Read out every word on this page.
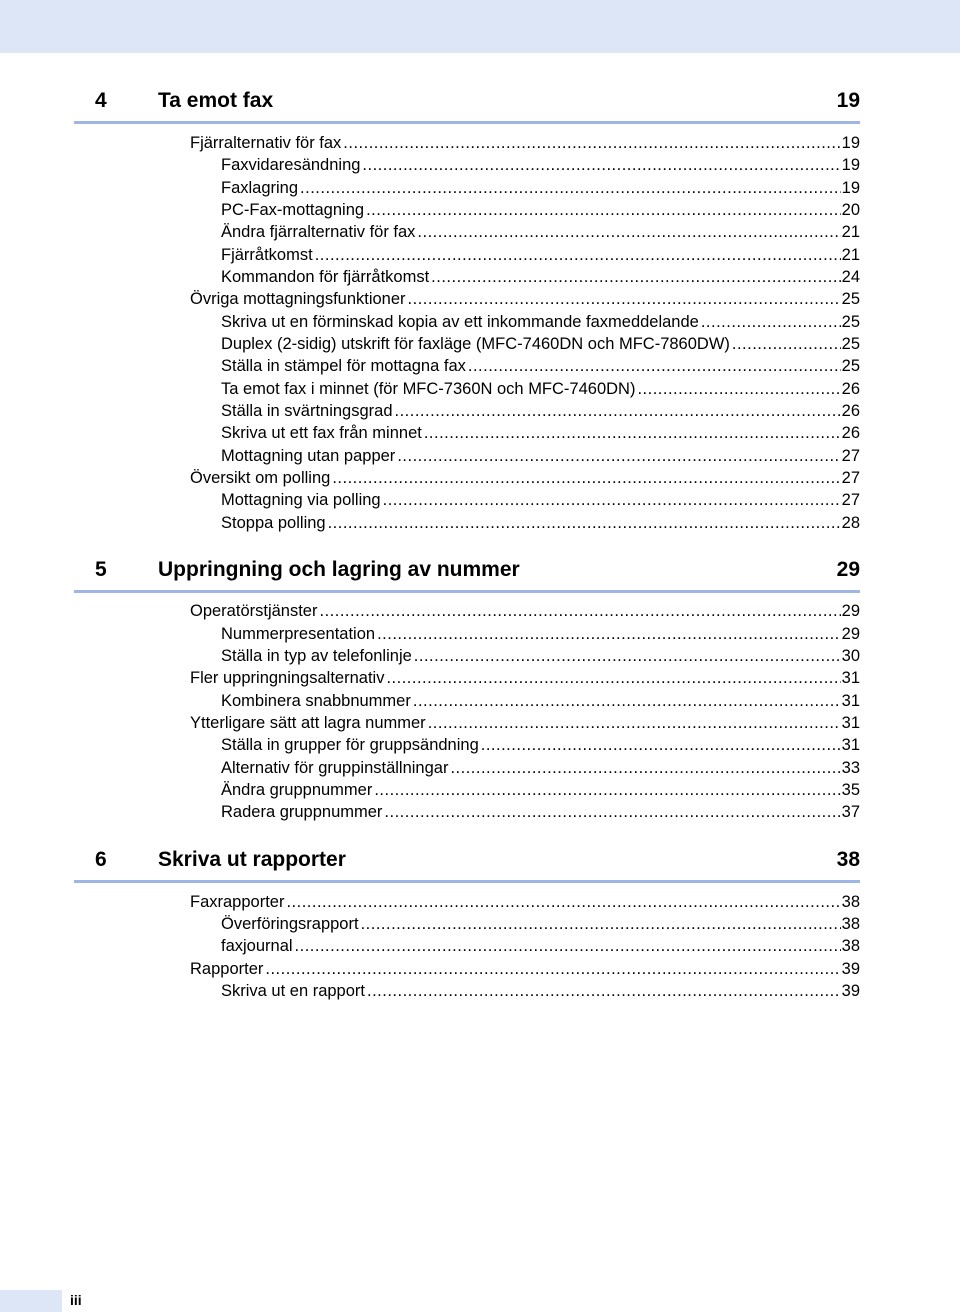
4 Ta emot fax	19
Fjärralternativ för fax .....	19
Faxvidaresändning .....	19
Faxlagring .....	19
PC-Fax-mottagning .....	20
Ändra fjärralternativ för fax .....	21
Fjärråtkomst .....	21
Kommandon för fjärråtkomst .....	24
Övriga mottagningsfunktioner .....	25
Skriva ut en förminskad kopia av ett inkommande faxmeddelande .....	25
Duplex (2-sidig) utskrift för faxläge (MFC-7460DN och MFC-7860DW) .....	25
Ställa in stämpel för mottagna fax .....	25
Ta emot fax i minnet (för MFC-7360N och MFC-7460DN) .....	26
Ställa in svärtningsgrad .....	26
Skriva ut ett fax från minnet .....	26
Mottagning utan papper .....	27
Översikt om polling .....	27
Mottagning via polling .....	27
Stoppa polling .....	28
5 Uppringning och lagring av nummer	29
Operatörstjänster .....	29
Nummerpresentation .....	29
Ställa in typ av telefonlinje .....	30
Fler uppringningsalternativ .....	31
Kombinera snabbnummer .....	31
Ytterligare sätt att lagra nummer .....	31
Ställa in grupper för gruppsändning .....	31
Alternativ för gruppinställningar .....	33
Ändra gruppnummer .....	35
Radera gruppnummer .....	37
6 Skriva ut rapporter	38
Faxrapporter .....	38
Överföringsrapport .....	38
faxjournal .....	38
Rapporter .....	39
Skriva ut en rapport .....	39
iii
